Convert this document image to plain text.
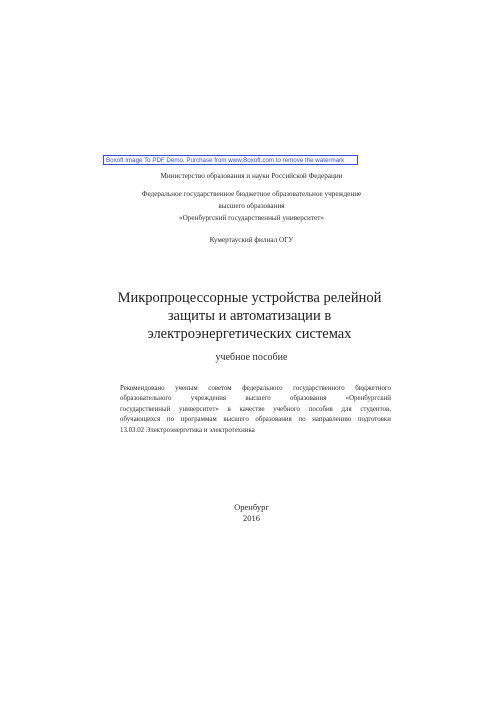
Boxoft Image To PDF Demo. Purchase from www.Boxoft.com to remove the watermark
Министерство образования и науки Российской Федерации
Федеральное государственное бюджетное образовательное учреждение
высшего образования
«Оренбургский государственный университет»
Кумертауский филиал ОГУ
Микропроцессорные устройства релейной
защиты и автоматизации в
электроэнергетических системах
учебное пособие
Рекомендовано ученым советом федерального государственного бюджетного
образовательного	учреждения	высшего	образования	«Оренбургский
государственный университет» в качестве учебного пособия для студентов,
обучающихся по программам высшего образования по направлению подготовки
13.03.02 Электроэнергетика и электротехника
Оренбург
2016
